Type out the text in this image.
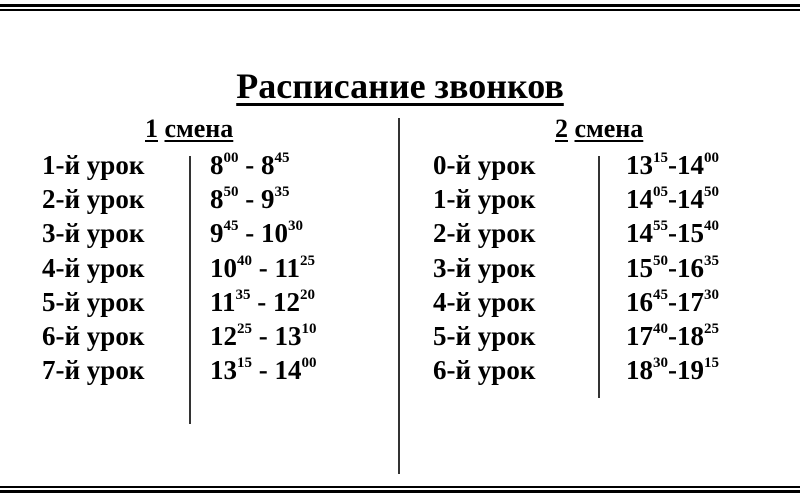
Расписание звонков
1 смена	2 смена
1-й урок $8^{00} - 8^{45}$
2-й урок $8^{50} - 9^{35}$
3-й урок $9^{45} - 10^{30}$
4-й урок $10^{40} - 11^{25}$
5-й урок $11^{35} - 12^{20}$
6-й урок $12^{25} - 13^{10}$
7-й урок $13^{15} - 14^{00}$
0-й урок	$13^{15}-14^{00}$
1-й урок	$14^{05}-14^{50}$
2-й урок	$14^{55}-15^{40}$
3-й урок	$15^{50}-16^{35}$
4-й урок	$16^{45}-17^{30}$
5-й урок	$17^{40}-18^{25}$
6-й урок	$18^{30}-19^{15}$
